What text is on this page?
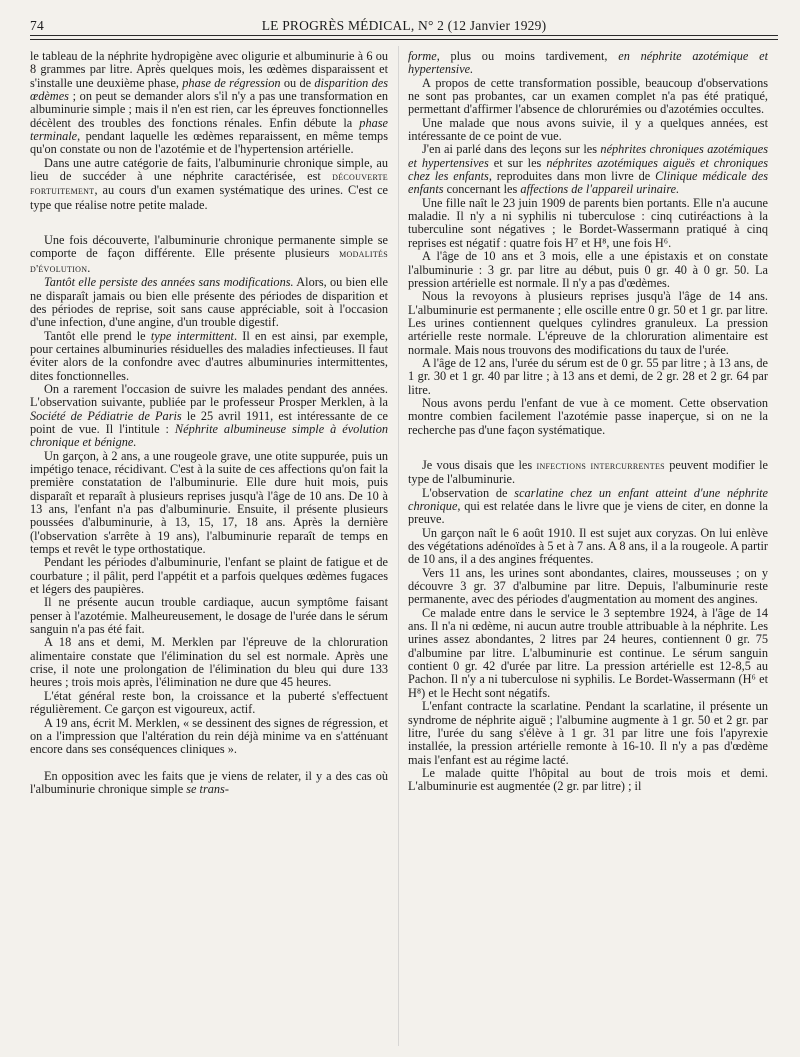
74	LE PROGRÈS MÉDICAL, N° 2 (12 Janvier 1929)

le tableau de la néphrite hydropigène avec oligurie et albuminurie à 6 ou 8 grammes par litre. Après quelques mois, les œdèmes disparaissent et s'installe une deuxième phase, phase de régression ou de disparition des œdèmes ; on peut se demander alors s'il n'y a pas une transformation en albuminurie simple ; mais il n'en est rien, car les épreuves fonctionnelles décèlent des troubles des fonctions rénales. Enfin débute la phase terminale, pendant laquelle les œdèmes reparaissent, en même temps qu'on constate ou non de l'azotémie et de l'hypertension artérielle.

Dans une autre catégorie de faits, l'albuminurie chronique simple, au lieu de succéder à une néphrite caractérisée, est découverte fortuitement, au cours d'un examen systématique des urines. C'est ce type que réalise notre petite malade.

Une fois découverte, l'albuminurie chronique permanente simple se comporte de façon différente. Elle présente plusieurs modalités d'évolution.

Tantôt elle persiste des années sans modifications. Alors, ou bien elle ne disparaît jamais ou bien elle présente des périodes de disparition et des périodes de reprise, soit sans cause appréciable, soit à l'occasion d'une infection, d'une angine, d'un trouble digestif.

Tantôt elle prend le type intermittent. Il en est ainsi, par exemple, pour certaines albuminuries résiduelles des maladies infectieuses. Il faut éviter alors de la confondre avec d'autres albuminuries intermittentes, dites fonctionnelles.

On a rarement l'occasion de suivre les malades pendant des années. L'observation suivante, publiée par le professeur Prosper Merklen, à la Société de Pédiatrie de Paris le 25 avril 1911, est intéressante de ce point de vue. Il l'intitule : Néphrite albumineuse simple à évolution chronique et bénigne.

Un garçon, à 2 ans, a une rougeole grave, une otite suppurée, puis un impétigo tenace, récidivant. C'est à la suite de ces affections qu'on fait la première constatation de l'albuminurie. Elle dure huit mois, puis disparaît et reparaît à plusieurs reprises jusqu'à l'âge de 10 ans. De 10 à 13 ans, l'enfant n'a pas d'albuminurie. Ensuite, il présente plusieurs poussées d'albuminurie, à 13, 15, 17, 18 ans. Après la dernière (l'observation s'arrête à 19 ans), l'albuminurie reparaît de temps en temps et revêt le type orthostatique.

Pendant les périodes d'albuminurie, l'enfant se plaint de fatigue et de courbature ; il pâlit, perd l'appétit et a parfois quelques œdèmes fugaces et légers des paupières.

Il ne présente aucun trouble cardiaque, aucun symptôme faisant penser à l'azotémie. Malheureusement, le dosage de l'urée dans le sérum sanguin n'a pas été fait.

A 18 ans et demi, M. Merklen par l'épreuve de la chloruration alimentaire constate que l'élimination du sel est normale. Après une crise, il note une prolongation de l'élimination du bleu qui dure 133 heures ; trois mois après, l'élimination ne dure que 45 heures.

L'état général reste bon, la croissance et la puberté s'effectuent régulièrement. Ce garçon est vigoureux, actif.

A 19 ans, écrit M. Merklen, « se dessinent des signes de régression, et on a l'impression que l'altération du rein déjà minime va en s'atténuant encore dans ses conséquences cliniques ».

En opposition avec les faits que je viens de relater, il y a des cas où l'albuminurie chronique simple se trans-

forme, plus ou moins tardivement, en néphrite azotémique et hypertensive.

A propos de cette transformation possible, beaucoup d'observations ne sont pas probantes, car un examen complet n'a pas été pratiqué, permettant d'affirmer l'absence de chlorurémies ou d'azotémies occultes.

Une malade que nous avons suivie, il y a quelques années, est intéressante de ce point de vue.

J'en ai parlé dans des leçons sur les néphrites chroniques azotémiques et hypertensives et sur les néphrites azotémiques aiguës et chroniques chez les enfants, reproduites dans mon livre de Clinique médicale des enfants concernant les affections de l'appareil urinaire.

Une fille naît le 23 juin 1909 de parents bien portants. Elle n'a aucune maladie. Il n'y a ni syphilis ni tuberculose : cinq cutiréactions à la tuberculine sont négatives ; le Bordet-Wassermann pratiqué à cinq reprises est négatif : quatre fois H⁷ et H⁸, une fois H⁶.

A l'âge de 10 ans et 3 mois, elle a une épistaxis et on constate l'albuminurie : 3 gr. par litre au début, puis 0 gr. 40 à 0 gr. 50. La pression artérielle est normale. Il n'y a pas d'œdèmes.

Nous la revoyons à plusieurs reprises jusqu'à l'âge de 14 ans. L'albuminurie est permanente ; elle oscille entre 0 gr. 50 et 1 gr. par litre. Les urines contiennent quelques cylindres granuleux. La pression artérielle reste normale. L'épreuve de la chloruration alimentaire est normale. Mais nous trouvons des modifications du taux de l'urée.

A l'âge de 12 ans, l'urée du sérum est de 0 gr. 55 par litre ; à 13 ans, de 1 gr. 30 et 1 gr. 40 par litre ; à 13 ans et demi, de 2 gr. 28 et 2 gr. 64 par litre.

Nous avons perdu l'enfant de vue à ce moment. Cette observation montre combien facilement l'azotémie passe inaperçue, si on ne la recherche pas d'une façon systématique.

Je vous disais que les infections intercurrentes peuvent modifier le type de l'albuminurie.

L'observation de scarlatine chez un enfant atteint d'une néphrite chronique, qui est relatée dans le livre que je viens de citer, en donne la preuve.

Un garçon naît le 6 août 1910. Il est sujet aux coryzas. On lui enlève des végétations adénoïdes à 5 et à 7 ans. A 8 ans, il a la rougeole. A partir de 10 ans, il a des angines fréquentes.

Vers 11 ans, les urines sont abondantes, claires, mousseuses ; on y découvre 3 gr. 37 d'albumine par litre. Depuis, l'albuminurie reste permanente, avec des périodes d'augmentation au moment des angines.

Ce malade entre dans le service le 3 septembre 1924, à l'âge de 14 ans. Il n'a ni œdème, ni aucun autre trouble attribuable à la néphrite. Les urines assez abondantes, 2 litres par 24 heures, contiennent 0 gr. 75 d'albumine par litre. L'albuminurie est continue. Le sérum sanguin contient 0 gr. 42 d'urée par litre. La pression artérielle est 12-8,5 au Pachon. Il n'y a ni tuberculose ni syphilis. Le Bordet-Wassermann (H⁶ et H⁸) et le Hecht sont négatifs.

L'enfant contracte la scarlatine. Pendant la scarlatine, il présente un syndrome de néphrite aiguë ; l'albumine augmente à 1 gr. 50 et 2 gr. par litre, l'urée du sang s'élève à 1 gr. 31 par litre une fois l'apyrexie installée, la pression artérielle remonte à 16-10. Il n'y a pas d'œdème mais l'enfant est au régime lacté.

Le malade quitte l'hôpital au bout de trois mois et demi. L'albuminurie est augmentée (2 gr. par litre) ; il
